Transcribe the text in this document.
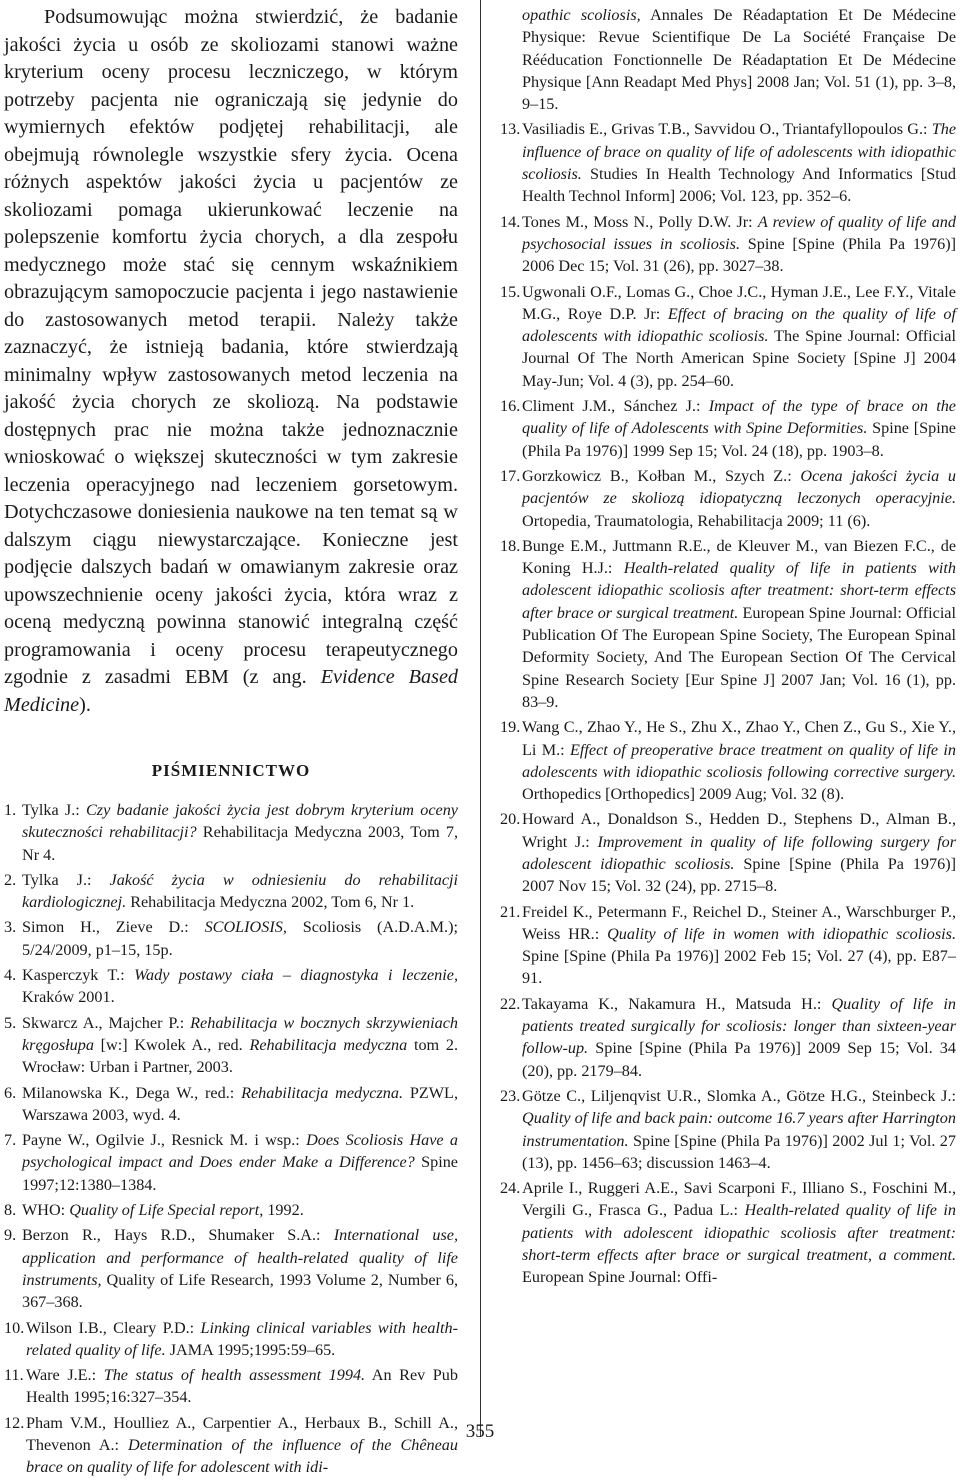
Podsumowując można stwierdzić, że badanie jakości życia u osób ze skoliozami stanowi ważne kryterium oceny procesu leczniczego, w którym potrzeby pacjenta nie ograniczają się jedynie do wymiernych efektów podjętej rehabilitacji, ale obejmują równolegle wszystkie sfery życia. Ocena różnych aspektów jakości życia u pacjentów ze skoliozami pomaga ukierunkować leczenie na polepszenie komfortu życia chorych, a dla zespołu medycznego może stać się cennym wskaźnikiem obrazującym samopoczucie pacjenta i jego nastawienie do zastosowanych metod terapii. Należy także zaznaczyć, że istnieją badania, które stwierdzają minimalny wpływ zastosowanych metod leczenia na jakość życia chorych ze skoliozą. Na podstawie dostępnych prac nie można także jednoznacznie wnioskować o większej skuteczności w tym zakresie leczenia operacyjnego nad leczeniem gorsetowym. Dotychczasowe doniesienia naukowe na ten temat są w dalszym ciągu niewystarczające. Konieczne jest podjęcie dalszych badań w omawianym zakresie oraz upowszechnienie oceny jakości życia, która wraz z oceną medyczną powinna stanowić integralną część programowania i oceny procesu terapeutycznego zgodnie z zasadmi EBM (z ang. Evidence Based Medicine).

PIŚMIENNICTWO
1. Tylka J.: Czy badanie jakości życia jest dobrym kryterium oceny skuteczności rehabilitacji? Rehabilitacja Medyczna 2003, Tom 7, Nr 4.
2. Tylka J.: Jakość życia w odniesieniu do rehabilitacji kardiologicznej. Rehabilitacja Medyczna 2002, Tom 6, Nr 1.
3. Simon H., Zieve D.: SCOLIOSIS, Scoliosis (A.D.A.M.); 5/24/2009, p1–15, 15p.
4. Kasperczyk T.: Wady postawy ciała – diagnostyka i leczenie, Kraków 2001.
5. Skwarcz A., Majcher P.: Rehabilitacja w bocznych skrzywieniach kręgosłupa [w:] Kwolek A., red. Rehabilitacja medyczna tom 2. Wrocław: Urban i Partner, 2003.
6. Milanowska K., Dega W., red.: Rehabilitacja medyczna. PZWL, Warszawa 2003, wyd. 4.
7. Payne W., Ogilvie J., Resnick M. i wsp.: Does Scoliosis Have a psychological impact and Does ender Make a Difference? Spine 1997;12:1380–1384.
8. WHO: Quality of Life Special report, 1992.
9. Berzon R., Hays R.D., Shumaker S.A.: International use, application and performance of health-related quality of life instruments, Quality of Life Research, 1993 Volume 2, Number 6, 367–368.
10. Wilson I.B., Cleary P.D.: Linking clinical variables with health-related quality of life. JAMA 1995;1995:59–65.
11. Ware J.E.: The status of health assessment 1994. An Rev Pub Health 1995;16:327–354.
12. Pham V.M., Houlliez A., Carpentier A., Herbaux B., Schill A., Thevenon A.: Determination of the influence of the Chêneau brace on quality of life for adolescent with idi-
opathic scoliosis, Annales De Réadaptation Et De Médecine Physique: Revue Scientifique De La Société Française De Rééducation Fonctionnelle De Réadaptation Et De Médecine Physique [Ann Readapt Med Phys] 2008 Jan; Vol. 51 (1), pp. 3–8, 9–15.
13. Vasiliadis E., Grivas T.B., Savvidou O., Triantafyllopoulos G.: The influence of brace on quality of life of adolescents with idiopathic scoliosis. Studies In Health Technology And Informatics [Stud Health Technol Inform] 2006; Vol. 123, pp. 352–6.
14. Tones M., Moss N., Polly D.W. Jr: A review of quality of life and psychosocial issues in scoliosis. Spine [Spine (Phila Pa 1976)] 2006 Dec 15; Vol. 31 (26), pp. 3027–38.
15. Ugwonali O.F., Lomas G., Choe J.C., Hyman J.E., Lee F.Y., Vitale M.G., Roye D.P. Jr: Effect of bracing on the quality of life of adolescents with idiopathic scoliosis. The Spine Journal: Official Journal Of The North American Spine Society [Spine J] 2004 May-Jun; Vol. 4 (3), pp. 254–60.
16. Climent J.M., Sánchez J.: Impact of the type of brace on the quality of life of Adolescents with Spine Deformities. Spine [Spine (Phila Pa 1976)] 1999 Sep 15; Vol. 24 (18), pp. 1903–8.
17. Gorzkowicz B., Kołban M., Szych Z.: Ocena jakości życia u pacjentów ze skoliozą idiopatyczną leczonych operacyjnie. Ortopedia, Traumatologia, Rehabilitacja 2009; 11 (6).
18. Bunge E.M., Juttmann R.E., de Kleuver M., van Biezen F.C., de Koning H.J.: Health-related quality of life in patients with adolescent idiopathic scoliosis after treatment: short-term effects after brace or surgical treatment. European Spine Journal: Official Publication Of The European Spine Society, The European Spinal Deformity Society, And The European Section Of The Cervical Spine Research Society [Eur Spine J] 2007 Jan; Vol. 16 (1), pp. 83–9.
19. Wang C., Zhao Y., He S., Zhu X., Zhao Y., Chen Z., Gu S., Xie Y., Li M.: Effect of preoperative brace treatment on quality of life in adolescents with idiopathic scoliosis following corrective surgery. Orthopedics [Orthopedics] 2009 Aug; Vol. 32 (8).
20. Howard A., Donaldson S., Hedden D., Stephens D., Alman B., Wright J.: Improvement in quality of life following surgery for adolescent idiopathic scoliosis. Spine [Spine (Phila Pa 1976)] 2007 Nov 15; Vol. 32 (24), pp. 2715–8.
21. Freidel K., Petermann F., Reichel D., Steiner A., Warschburger P., Weiss HR.: Quality of life in women with idiopathic scoliosis. Spine [Spine (Phila Pa 1976)] 2002 Feb 15; Vol. 27 (4), pp. E87–91.
22. Takayama K., Nakamura H., Matsuda H.: Quality of life in patients treated surgically for scoliosis: longer than sixteen-year follow-up. Spine [Spine (Phila Pa 1976)] 2009 Sep 15; Vol. 34 (20), pp. 2179–84.
23. Götze C., Liljenqvist U.R., Slomka A., Götze H.G., Steinbeck J.: Quality of life and back pain: outcome 16.7 years after Harrington instrumentation. Spine [Spine (Phila Pa 1976)] 2002 Jul 1; Vol. 27 (13), pp. 1456–63; discussion 1463–4.
24. Aprile I., Ruggeri A.E., Savi Scarponi F., Illiano S., Foschini M., Vergili G., Frasca G., Padua L.: Health-related quality of life in patients with adolescent idiopathic scoliosis after treatment: short-term effects after brace or surgical treatment, a comment. European Spine Journal: Offi-
355
